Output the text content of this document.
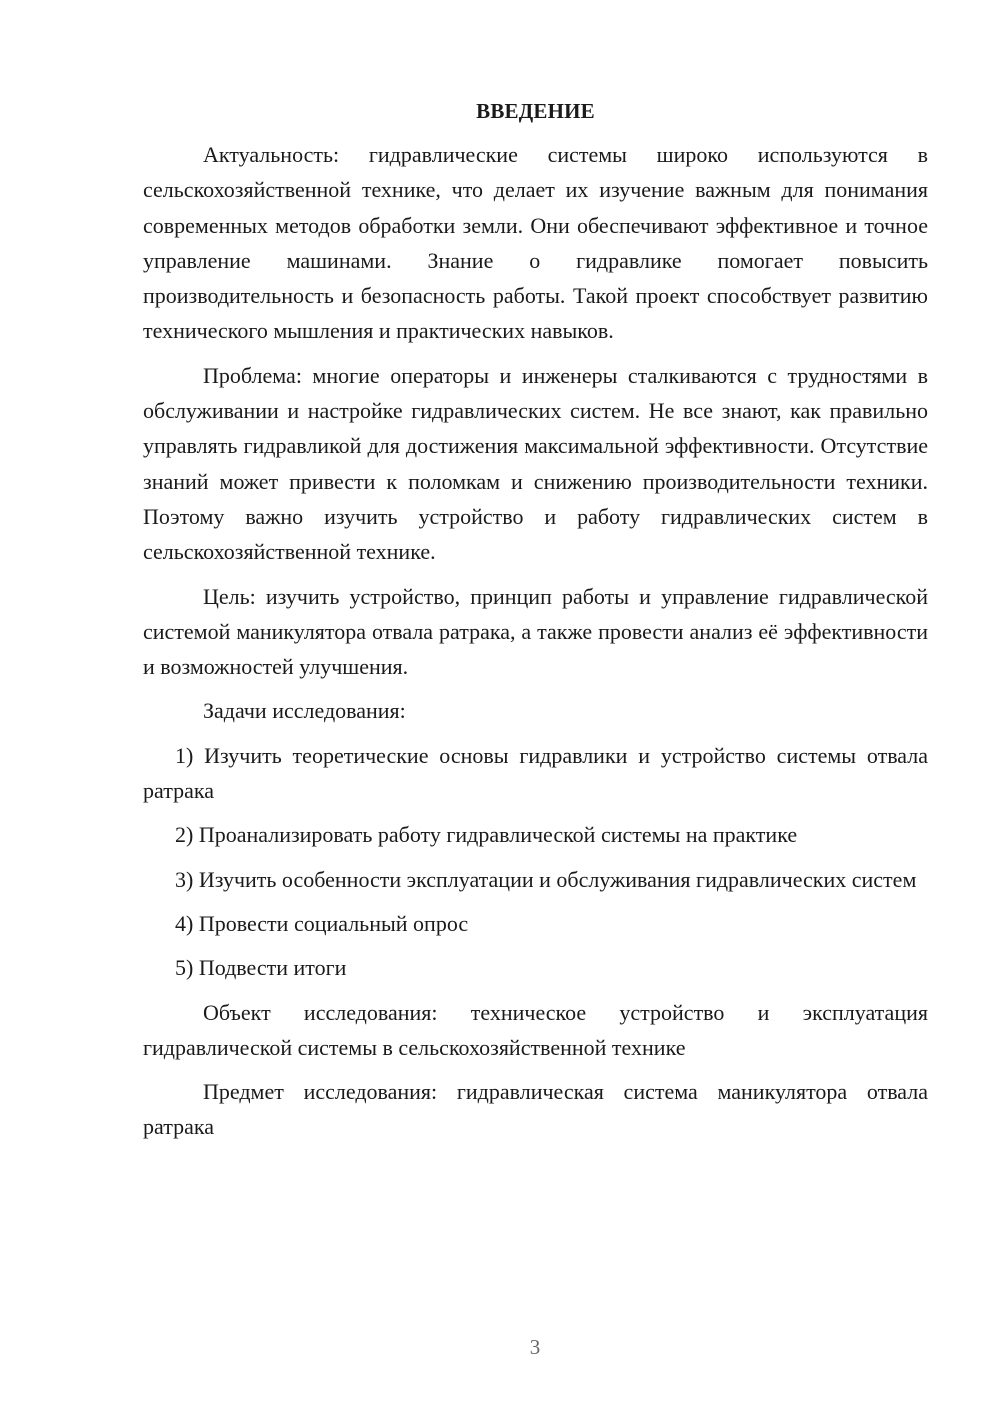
ВВЕДЕНИЕ

Актуальность: гидравлические системы широко используются в сельскохозяйственной технике, что делает их изучение важным для понимания современных методов обработки земли. Они обеспечивают эффективное и точное управление машинами. Знание о гидравлике помогает повысить производительность и безопасность работы. Такой проект способствует развитию технического мышления и практических навыков.

Проблема: многие операторы и инженеры сталкиваются с трудностями в обслуживании и настройке гидравлических систем. Не все знают, как правильно управлять гидравликой для достижения максимальной эффективности. Отсутствие знаний может привести к поломкам и снижению производительности техники. Поэтому важно изучить устройство и работу гидравлических систем в сельскохозяйственной технике.

Цель: изучить устройство, принцип работы и управление гидравлической системой маникулятора отвала ратрака, а также провести анализ её эффективности и возможностей улучшения.

Задачи исследования:

1) Изучить теоретические основы гидравлики и устройство системы отвала ратрака

2) Проанализировать работу гидравлической системы на практике

3) Изучить особенности эксплуатации и обслуживания гидравлических систем

4) Провести социальный опрос

5) Подвести итоги

Объект исследования: техническое устройство и эксплуатация гидравлической системы в сельскохозяйственной технике

Предмет исследования: гидравлическая система маникулятора отвала ратрака

3
